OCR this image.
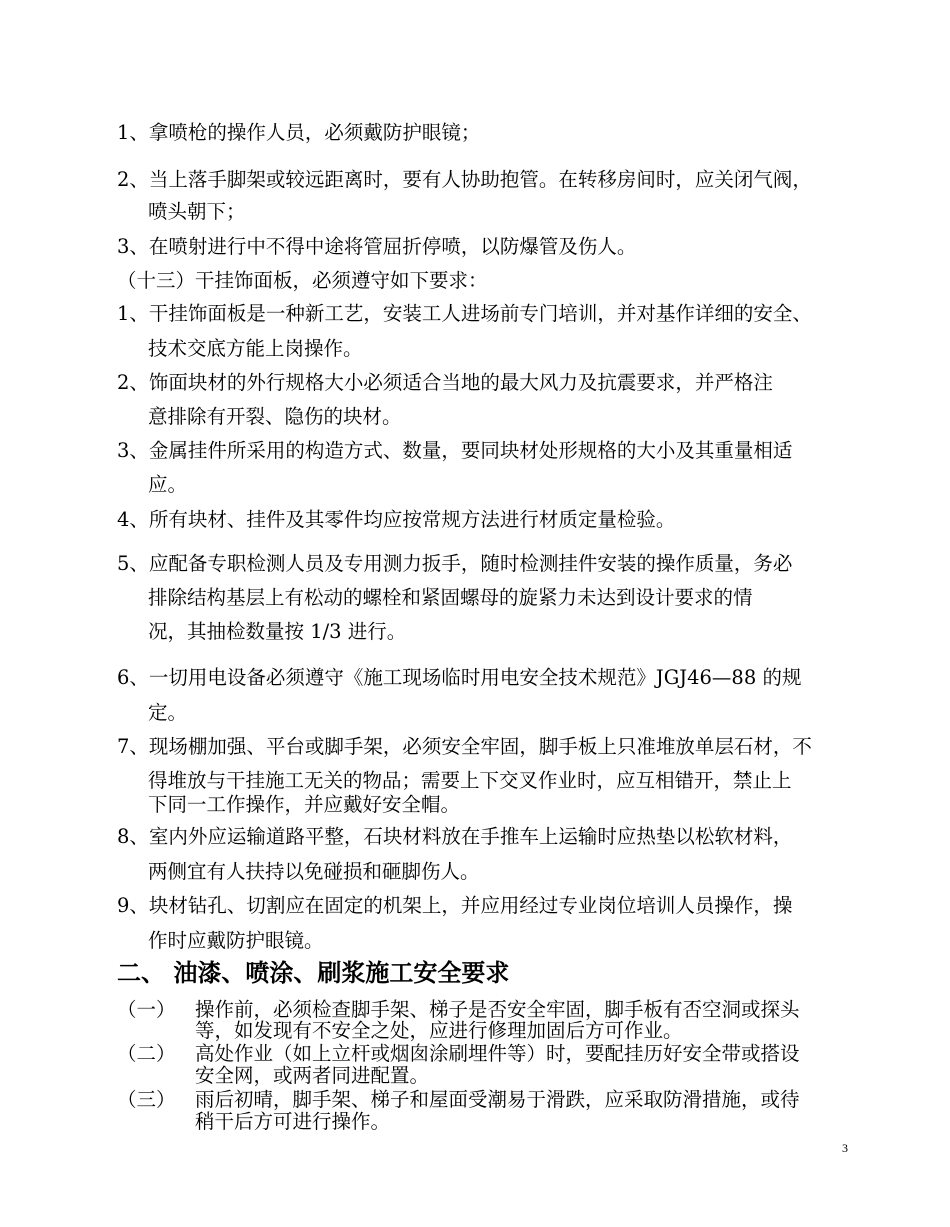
1、拿喷枪的操作人员，必须戴防护眼镜；
2、当上落手脚架或较远距离时，要有人协助抱管。在转移房间时，应关闭气阀，
喷头朝下；
3、在喷射进行中不得中途将管屈折停喷，以防爆管及伤人。
（十三）干挂饰面板，必须遵守如下要求：
1、干挂饰面板是一种新工艺，安装工人进场前专门培训，并对基作详细的安全、
技术交底方能上岗操作。
2、饰面块材的外行规格大小必须适合当地的最大风力及抗震要求，并严格注
意排除有开裂、隐伤的块材。
3、金属挂件所采用的构造方式、数量，要同块材处形规格的大小及其重量相适
应。
4、所有块材、挂件及其零件均应按常规方法进行材质定量检验。
5、应配备专职检测人员及专用测力扳手，随时检测挂件安装的操作质量，务必
排除结构基层上有松动的螺栓和紧固螺母的旋紧力未达到设计要求的情
况，其抽检数量按 1/3 进行。
6、一切用电设备必须遵守《施工现场临时用电安全技术规范》JGJ46—88 的规
定。
7、现场棚加强、平台或脚手架，必须安全牢固，脚手板上只准堆放单层石材，不
得堆放与干挂施工无关的物品；需要上下交叉作业时，应互相错开，禁止上
下同一工作操作，并应戴好安全帽。
8、室内外应运输道路平整，石块材料放在手推车上运输时应热垫以松软材料，
两侧宜有人扶持以免碰损和砸脚伤人。
9、块材钻孔、切割应在固定的机架上，并应用经过专业岗位培训人员操作，操
作时应戴防护眼镜。
二、 油漆、喷涂、刷浆施工安全要求
（一） 操作前，必须检查脚手架、梯子是否安全牢固，脚手板有否空洞或探头
等，如发现有不安全之处，应进行修理加固后方可作业。
（二） 高处作业（如上立杆或烟囱涂刷埋件等）时，要配挂历好安全带或搭设
安全网，或两者同进配置。
（三） 雨后初晴，脚手架、梯子和屋面受潮易于滑跌，应采取防滑措施，或待
稍干后方可进行操作。
3
